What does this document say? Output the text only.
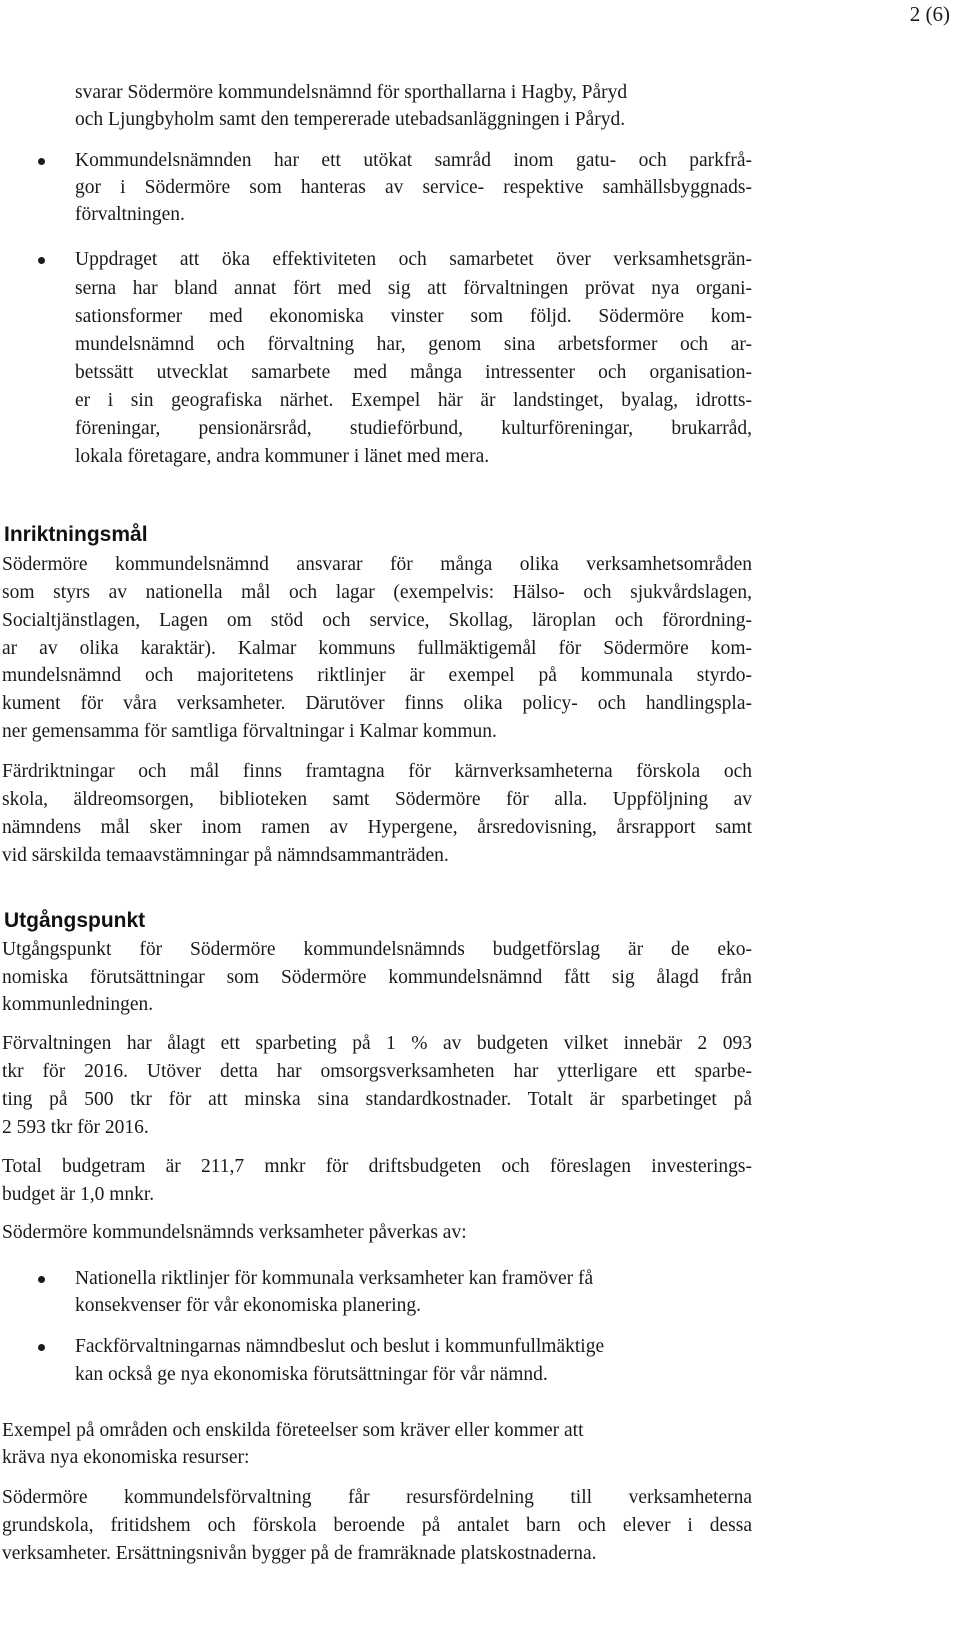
2 (6)
svarar Södermöre kommundelsnämnd för sporthallarna i Hagby, Påryd
och Ljungbyholm samt den tempererade utebadsanläggningen i Påryd.
Kommundelsnämnden har ett utökat samråd inom gatu- och parkfrå-
gor i Södermöre som hanteras av service- respektive samhällsbyggnads-
förvaltningen.
Uppdraget att öka effektiviteten och samarbetet över verksamhetsgrän-
serna har bland annat fört med sig att förvaltningen prövat nya organi-
sationsformer med ekonomiska vinster som följd. Södermöre kom-
mundelsnämnd och förvaltning har, genom sina arbetsformer och ar-
betssätt utvecklat samarbete med många intressenter och organisation-
er i sin geografiska närhet. Exempel här är landstinget, byalag, idrotts-
föreningar, pensionärsråd, studieförbund, kulturföreningar, brukarråd,
lokala företagare, andra kommuner i länet med mera.
Inriktningsmål
Södermöre kommundelsnämnd ansvarar för många olika verksamhetsområden
som styrs av nationella mål och lagar (exempelvis: Hälso- och sjukvårdslagen,
Socialtjänstlagen, Lagen om stöd och service, Skollag, läroplan och förordning-
ar av olika karaktär). Kalmar kommuns fullmäktigemål för Södermöre kom-
mundelsnämnd och majoritetens riktlinjer är exempel på kommunala styrdo-
kument för våra verksamheter. Därutöver finns olika policy- och handlingspla-
ner gemensamma för samtliga förvaltningar i Kalmar kommun.
Färdriktningar och mål finns framtagna för kärnverksamheterna förskola och
skola, äldreomsorgen, biblioteken samt Södermöre för alla. Uppföljning av
nämndens mål sker inom ramen av Hypergene, årsredovisning, årsrapport samt
vid särskilda temaavstämningar på nämndsammanträden.
Utgångspunkt
Utgångspunkt för Södermöre kommundelsnämnds budgetförslag är de eko-
nomiska förutsättningar som Södermöre kommundelsnämnd fått sig ålagd från
kommunledningen.
Förvaltningen har ålagt ett sparbeting på 1 % av budgeten vilket innebär 2 093
tkr för 2016. Utöver detta har omsorgsverksamheten har ytterligare ett sparbe-
ting på 500 tkr för att minska sina standardkostnader. Totalt är sparbetinget på
2 593 tkr för 2016.
Total budgetram är 211,7 mnkr för driftsbudgeten och föreslagen investerings-
budget är 1,0 mnkr.
Södermöre kommundelsnämnds verksamheter påverkas av:
Nationella riktlinjer för kommunala verksamheter kan framöver få
konsekvenser för vår ekonomiska planering.
Fackförvaltningarnas nämndbeslut och beslut i kommunfullmäktige
kan också ge nya ekonomiska förutsättningar för vår nämnd.
Exempel på områden och enskilda företeelser som kräver eller kommer att
kräva nya ekonomiska resurser:
Södermöre kommundelsförvaltning får resursfördelning till verksamheterna
grundskola, fritidshem och förskola beroende på antalet barn och elever i dessa
verksamheter. Ersättningsnivån bygger på de framräknade platskostnaderna.
